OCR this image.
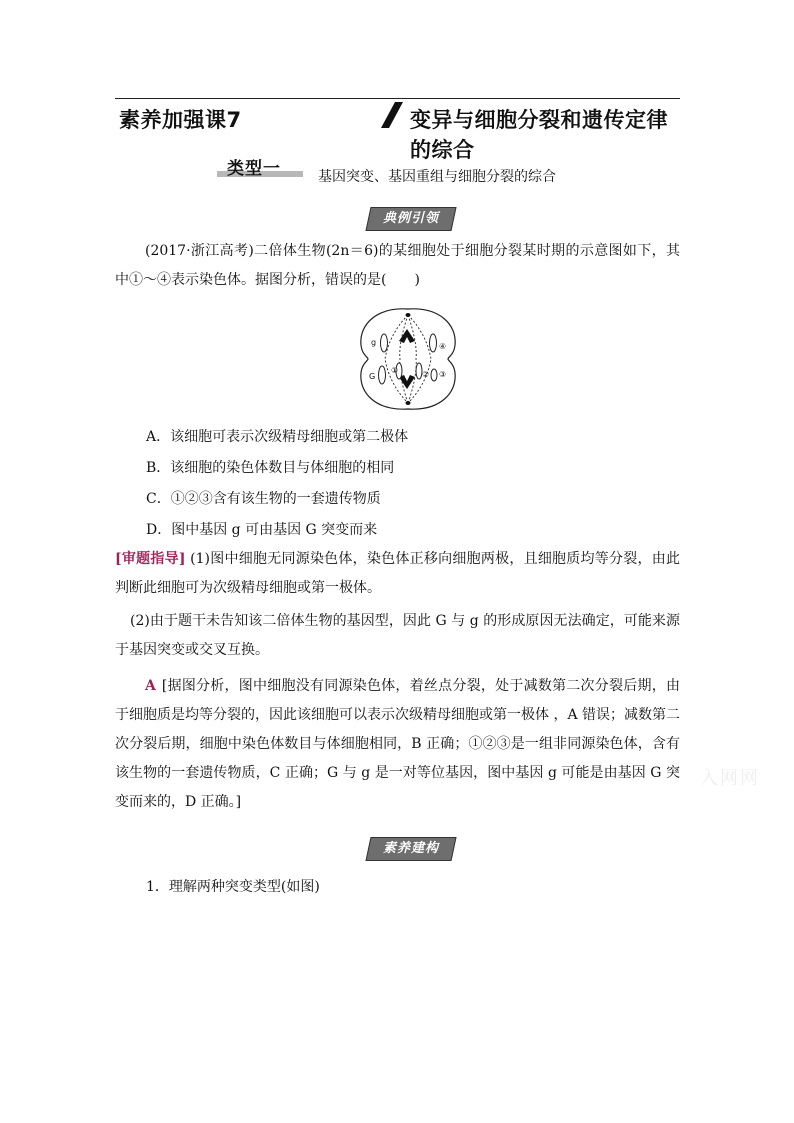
素养加强课7	变异与细胞分裂和遗传定律的综合
类型一	基因突变、基因重组与细胞分裂的综合
典例引领
(2017·浙江高考)二倍体生物(2n＝6)的某细胞处于细胞分裂某时期的示意图如下，其中①～④表示染色体。据图分析，错误的是(　　)
g
G
①	② ③
④
A．该细胞可表示次级精母细胞或第二极体
B．该细胞的染色体数目与体细胞的相同
C．①②③含有该生物的一套遗传物质
D．图中基因 g 可由基因 G 突变而来
[审题指导] (1)图中细胞无同源染色体，染色体正移向细胞两极，且细胞质均等分裂，由此判断此细胞可为次级精母细胞或第一极体。
(2)由于题干未告知该二倍体生物的基因型，因此 G 与 g 的形成原因无法确定，可能来源于基因突变或交叉互换。
A [据图分析，图中细胞没有同源染色体，着丝点分裂，处于减数第二次分裂后期，由于细胞质是均等分裂的，因此该细胞可以表示次级精母细胞或第一极体 ，A 错误；减数第二次分裂后期，细胞中染色体数目与体细胞相同，B 正确；①②③是一组非同源染色体，含有该生物的一套遗传物质，C 正确；G 与 g 是一对等位基因，图中基因 g 可能是由基因 G 突变而来的，D 正确。]
入网网
素养建构
1．理解两种突变类型(如图)
